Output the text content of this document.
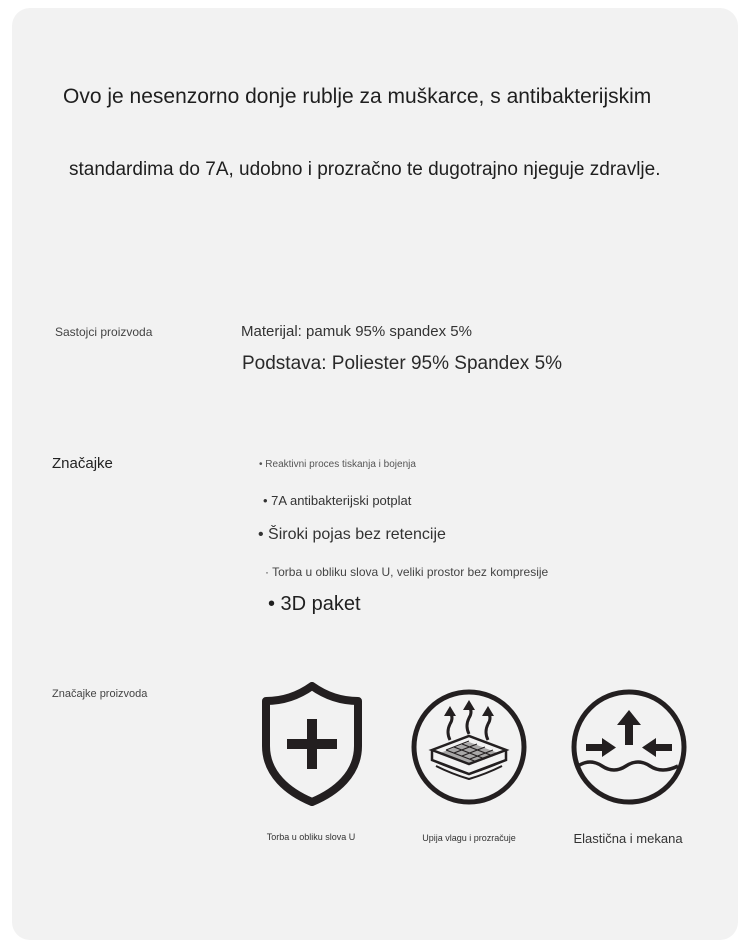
Ovo je nesenzorno donje rublje za muškarce, s antibakterijskim
standardima do 7A, udobno i prozračno te dugotrajno njeguje zdravlje.
Sastojci proizvoda	Materijal: pamuk 95% spandex 5%
Podstava: Poliester 95% Spandex 5%
Značajke	• Reaktivni proces tiskanja i bojenja
• 7A antibakterijski potplat
• Široki pojas bez retencije
· Torba u obliku slova U, veliki prostor bez kompresije
• 3D paket
Značajke proizvoda
Torba u obliku slova U	Upija vlagu i prozračuje	Elastična i mekana
